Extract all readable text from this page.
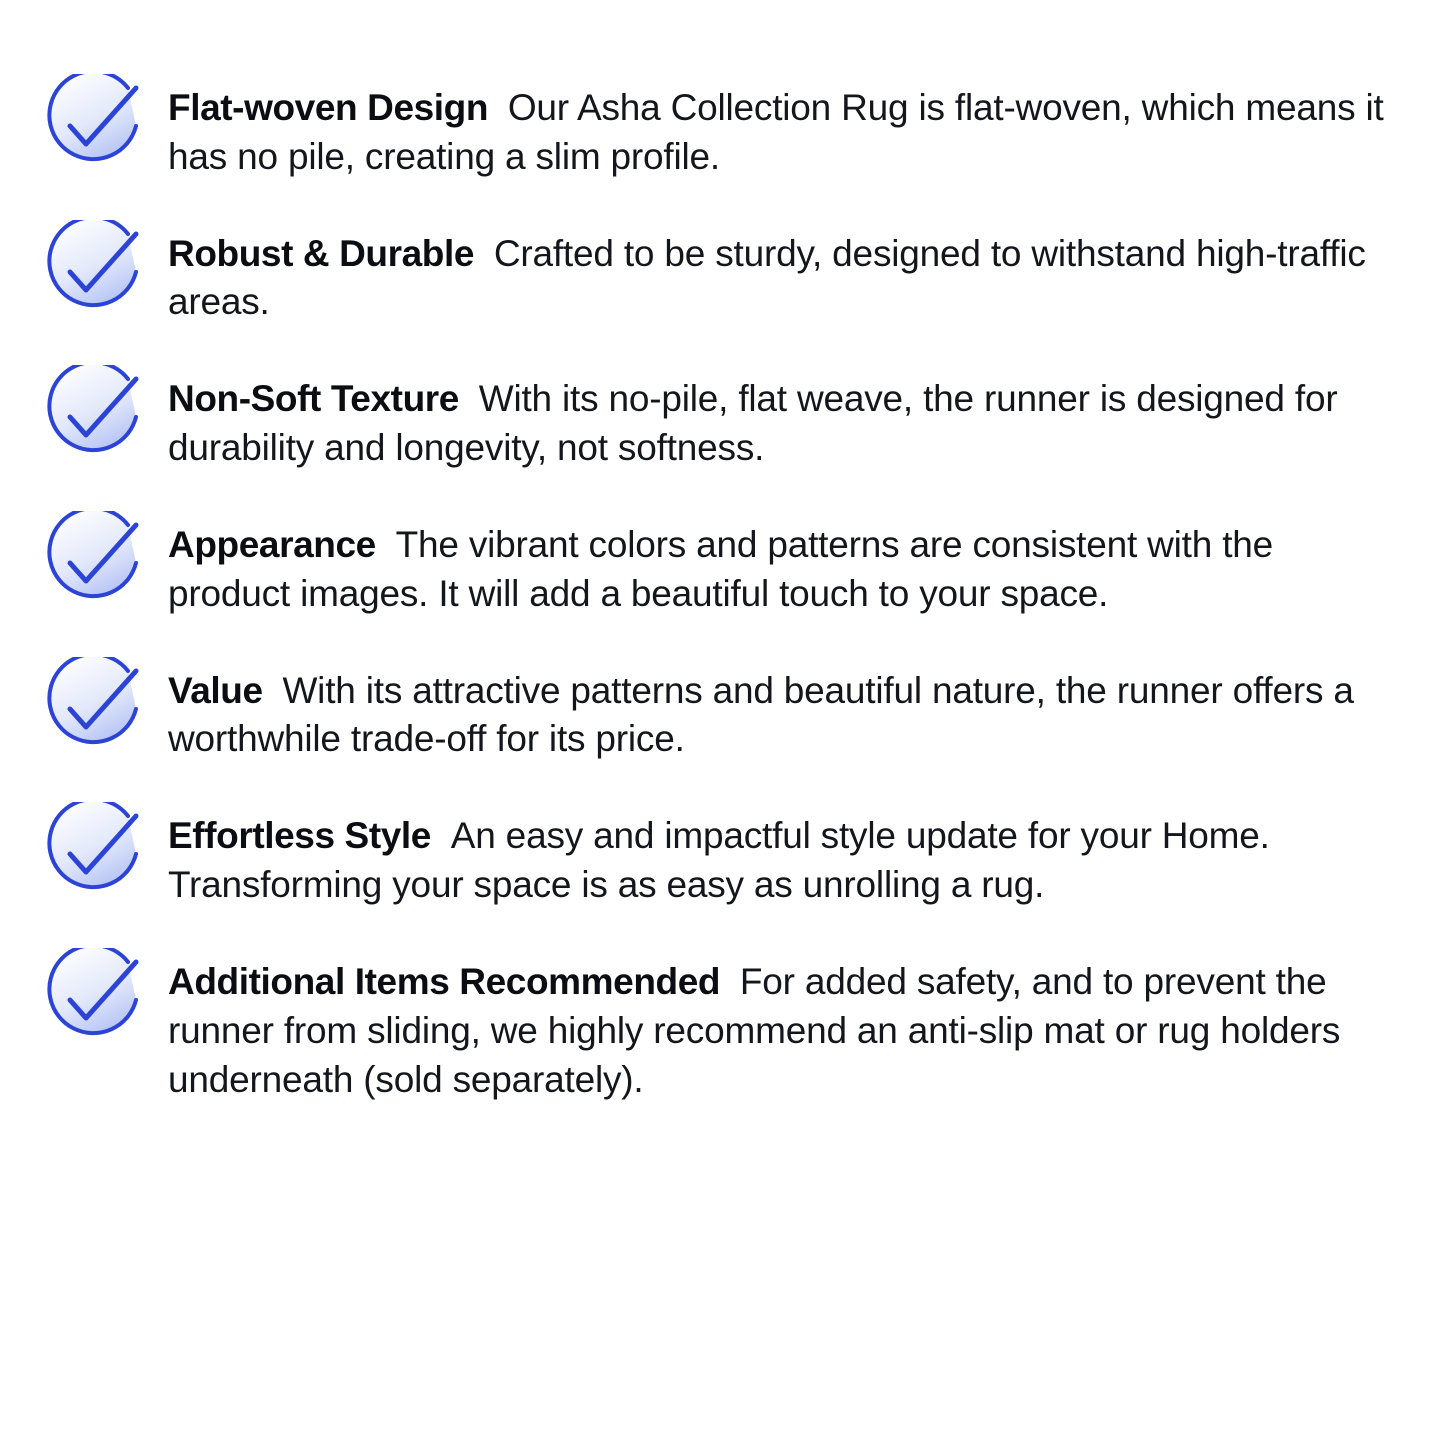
Flat-woven Design Our Asha Collection Rug is flat-woven, which means it has no pile, creating a slim profile.
Robust & Durable Crafted to be sturdy, designed to withstand high-traffic areas.
Non-Soft Texture With its no-pile, flat weave, the runner is designed for durability and longevity, not softness.
Appearance The vibrant colors and patterns are consistent with the product images. It will add a beautiful touch to your space.
Value With its attractive patterns and beautiful nature, the runner offers a worthwhile trade-off for its price.
Effortless Style An easy and impactful style update for your Home. Transforming your space is as easy as unrolling a rug.
Additional Items Recommended For added safety, and to prevent the runner from sliding, we highly recommend an anti-slip mat or rug holders underneath (sold separately).
